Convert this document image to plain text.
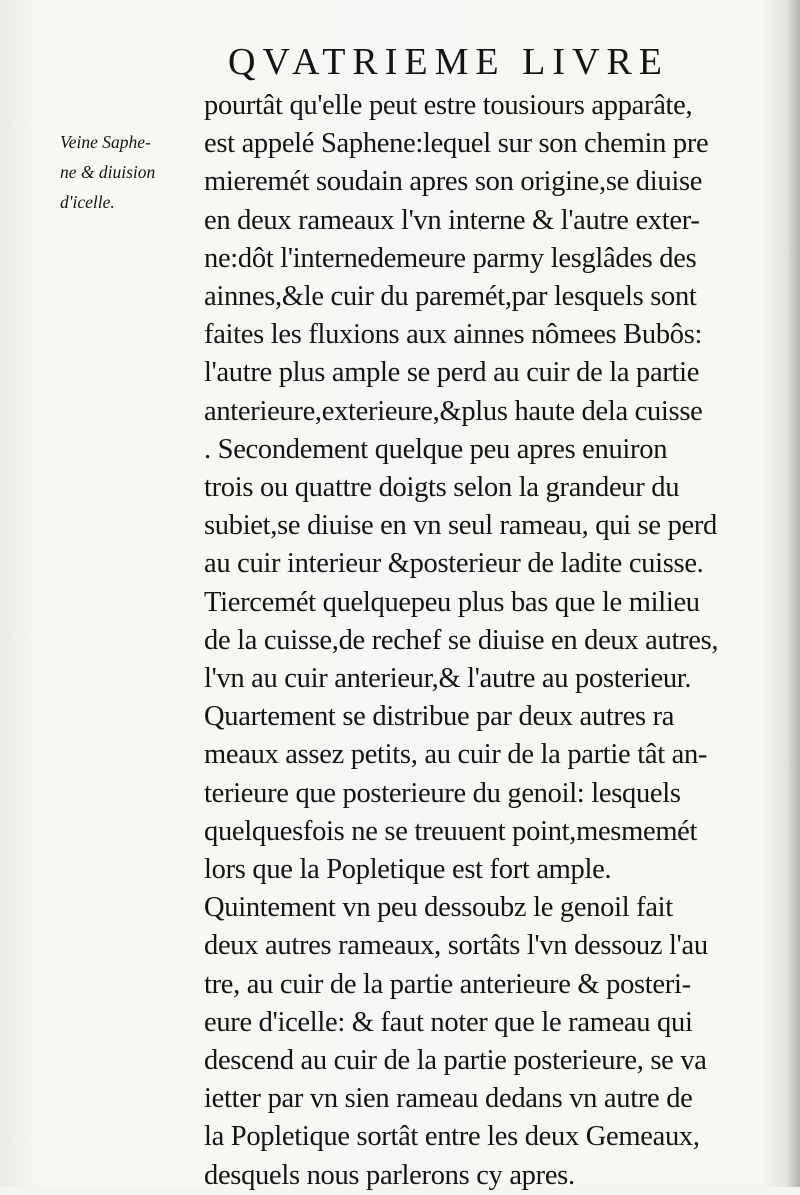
QVATRIEME LIVRE
Veine Saphe-
ne & diuision
d'icelle.
pourtât qu'elle peut estre tousiours apparâte,
est appelé Saphene:lequel sur son chemin pre
mieremét soudain apres son origine,se diuise
en deux rameaux l'vn interne & l'autre exter-
ne:dôt l'internedemeure parmy lesglâdes des
ainnes,&le cuir du paremét,par lesquels sont
faites les fluxions aux ainnes nômees Bubôs:
l'autre plus ample se perd au cuir de la partie
anterieure,exterieure,&plus haute dela cuisse
. Secondement quelque peu apres enuiron
trois ou quattre doigts selon la grandeur du
subiet,se diuise en vn seul rameau, qui se perd
au cuir interieur &posterieur de ladite cuisse.
Tiercemét quelquepeu plus bas que le milieu
de la cuisse,de rechef se diuise en deux autres,
l'vn au cuir anterieur,& l'autre au posterieur.
Quartement se distribue par deux autres ra
meaux assez petits, au cuir de la partie tât an-
terieure que posterieure du genoil: lesquels
quelquesfois ne se treuuent point,mesmemét
lors que la Popletique est fort ample.
Quintement vn peu dessoubz le genoil fait
deux autres rameaux, sortâts l'vn dessouz l'au
tre, au cuir de la partie anterieure & posteri-
eure d'icelle: & faut noter que le rameau qui
descend au cuir de la partie posterieure, se va
ietter par vn sien rameau dedans vn autre de
la Popletique sortât entre les deux Gemeaux,
desquels nous parlerons cy apres.
